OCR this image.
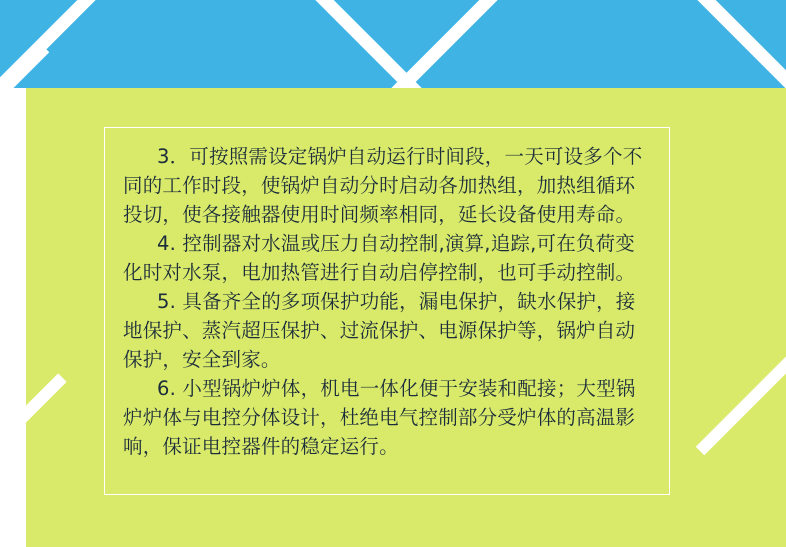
3．可按照需设定锅炉自动运行时间段，一天可设多个不同的工作时段，使锅炉自动分时启动各加热组，加热组循环投切，使各接触器使用时间频率相同，延长设备使用寿命。

4. 控制器对水温或压力自动控制,演算,追踪,可在负荷变化时对水泵，电加热管进行自动启停控制，也可手动控制。

5. 具备齐全的多项保护功能，漏电保护，缺水保护，接地保护、蒸汽超压保护、过流保护、电源保护等，锅炉自动保护，安全到家。

6. 小型锅炉炉体，机电一体化便于安装和配接；大型锅炉炉体与电控分体设计，杜绝电气控制部分受炉体的高温影响，保证电控器件的稳定运行。
